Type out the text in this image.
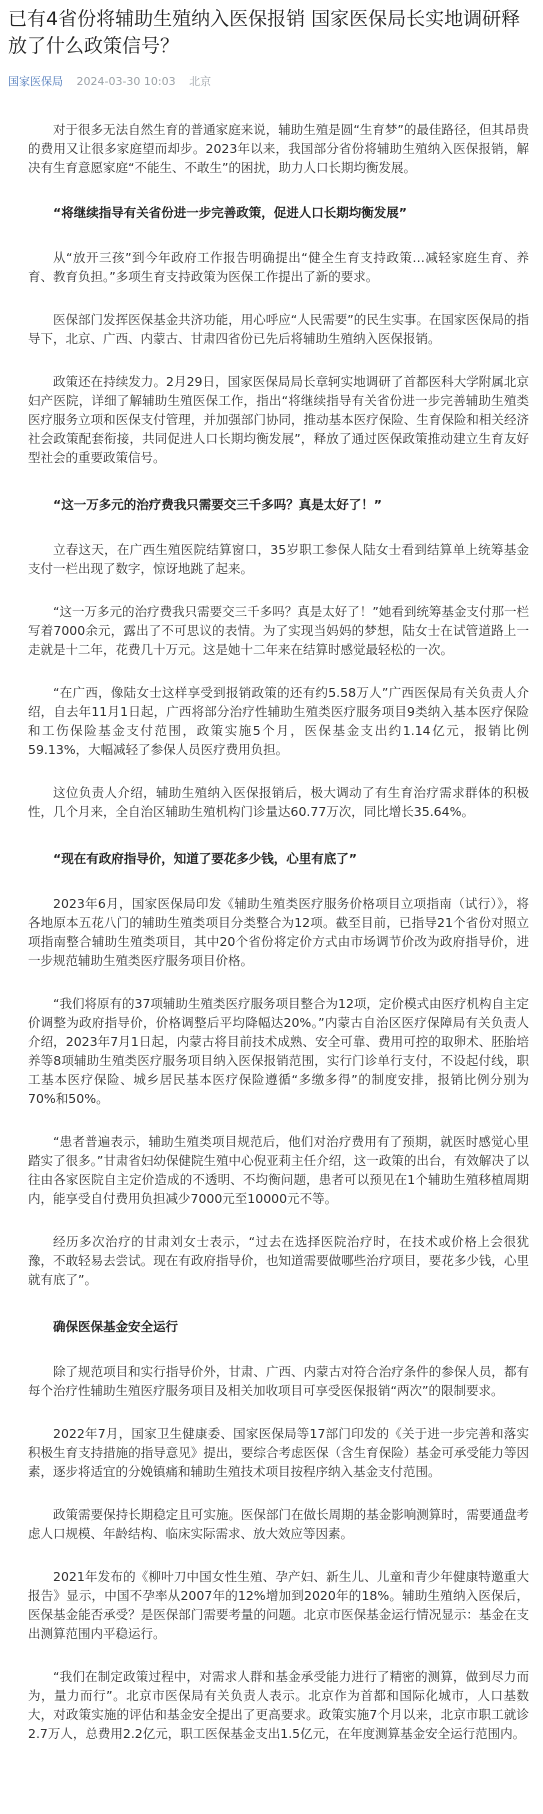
已有4省份将辅助生殖纳入医保报销 国家医保局长实地调研释放了什么政策信号？
国家医保局 2024-03-30 10:03 北京

对于很多无法自然生育的普通家庭来说，辅助生殖是圆“生育梦”的最佳路径，但其昂贵的费用又让很多家庭望而却步。2023年以来，我国部分省份将辅助生殖纳入医保报销，解决有生育意愿家庭“不能生、不敢生”的困扰，助力人口长期均衡发展。

“将继续指导有关省份进一步完善政策，促进人口长期均衡发展”

从“放开三孩”到今年政府工作报告明确提出“健全生育支持政策…减轻家庭生育、养育、教育负担。”多项生育支持政策为医保工作提出了新的要求。

医保部门发挥医保基金共济功能，用心呼应“人民需要”的民生实事。在国家医保局的指导下，北京、广西、内蒙古、甘肃四省份已先后将辅助生殖纳入医保报销。

政策还在持续发力。2月29日，国家医保局局长章轲实地调研了首都医科大学附属北京妇产医院，详细了解辅助生殖医保工作，指出“将继续指导有关省份进一步完善辅助生殖类医疗服务立项和医保支付管理，并加强部门协同，推动基本医疗保险、生育保险和相关经济社会政策配套衔接，共同促进人口长期均衡发展”，释放了通过医保政策推动建立生育友好型社会的重要政策信号。

“这一万多元的治疗费我只需要交三千多吗？真是太好了！”

立春这天，在广西生殖医院结算窗口，35岁职工参保人陆女士看到结算单上统筹基金支付一栏出现了数字，惊讶地跳了起来。

“这一万多元的治疗费我只需要交三千多吗？真是太好了！”她看到统筹基金支付那一栏写着7000余元，露出了不可思议的表情。为了实现当妈妈的梦想，陆女士在试管道路上一走就是十二年，花费几十万元。这是她十二年来在结算时感觉最轻松的一次。

“在广西，像陆女士这样享受到报销政策的还有约5.58万人”广西医保局有关负责人介绍，自去年11月1日起，广西将部分治疗性辅助生殖类医疗服务项目9类纳入基本医疗保险和工伤保险基金支付范围，政策实施5个月，医保基金支出约1.14亿元，报销比例59.13%，大幅减轻了参保人员医疗费用负担。

这位负责人介绍，辅助生殖纳入医保报销后，极大调动了有生育治疗需求群体的积极性，几个月来，全自治区辅助生殖机构门诊量达60.77万次，同比增长35.64%。

“现在有政府指导价，知道了要花多少钱，心里有底了”

2023年6月，国家医保局印发《辅助生殖类医疗服务价格项目立项指南（试行）》，将各地原本五花八门的辅助生殖类项目分类整合为12项。截至目前，已指导21个省份对照立项指南整合辅助生殖类项目，其中20个省份将定价方式由市场调节价改为政府指导价，进一步规范辅助生殖类医疗服务项目价格。

“我们将原有的37项辅助生殖类医疗服务项目整合为12项，定价模式由医疗机构自主定价调整为政府指导价，价格调整后平均降幅达20%。”内蒙古自治区医疗保障局有关负责人介绍，2023年7月1日起，内蒙古将目前技术成熟、安全可靠、费用可控的取卵术、胚胎培养等8项辅助生殖类医疗服务项目纳入医保报销范围，实行门诊单行支付，不设起付线，职工基本医疗保险、城乡居民基本医疗保险遵循“多缴多得”的制度安排，报销比例分别为70%和50%。

“患者普遍表示，辅助生殖类项目规范后，他们对治疗费用有了预期，就医时感觉心里踏实了很多。”甘肃省妇幼保健院生殖中心倪亚莉主任介绍，这一政策的出台，有效解决了以往由各家医院自主定价造成的不透明、不均衡问题，患者可以预见在1个辅助生殖移植周期内，能享受自付费用负担减少7000元至10000元不等。

经历多次治疗的甘肃刘女士表示，“过去在选择医院治疗时，在技术或价格上会很犹豫，不敢轻易去尝试。现在有政府指导价，也知道需要做哪些治疗项目，要花多少钱，心里就有底了”。

确保医保基金安全运行

除了规范项目和实行指导价外，甘肃、广西、内蒙古对符合治疗条件的参保人员，都有每个治疗性辅助生殖医疗服务项目及相关加收项目可享受医保报销“两次”的限制要求。

2022年7月，国家卫生健康委、国家医保局等17部门印发的《关于进一步完善和落实积极生育支持措施的指导意见》提出，要综合考虑医保（含生育保险）基金可承受能力等因素，逐步将适宜的分娩镇痛和辅助生殖技术项目按程序纳入基金支付范围。

政策需要保持长期稳定且可实施。医保部门在做长周期的基金影响测算时，需要通盘考虑人口规模、年龄结构、临床实际需求、放大效应等因素。

2021年发布的《柳叶刀中国女性生殖、孕产妇、新生儿、儿童和青少年健康特邀重大报告》显示，中国不孕率从2007年的12%增加到2020年的18%。辅助生殖纳入医保后，医保基金能否承受？是医保部门需要考量的问题。北京市医保基金运行情况显示：基金在支出测算范围内平稳运行。

“我们在制定政策过程中，对需求人群和基金承受能力进行了精密的测算，做到尽力而为，量力而行”。北京市医保局有关负责人表示。北京作为首都和国际化城市，人口基数大，对政策实施的评估和基金安全提出了更高要求。政策实施7个月以来，北京市职工就诊2.7万人，总费用2.2亿元，职工医保基金支出1.5亿元，在年度测算基金安全运行范围内。
